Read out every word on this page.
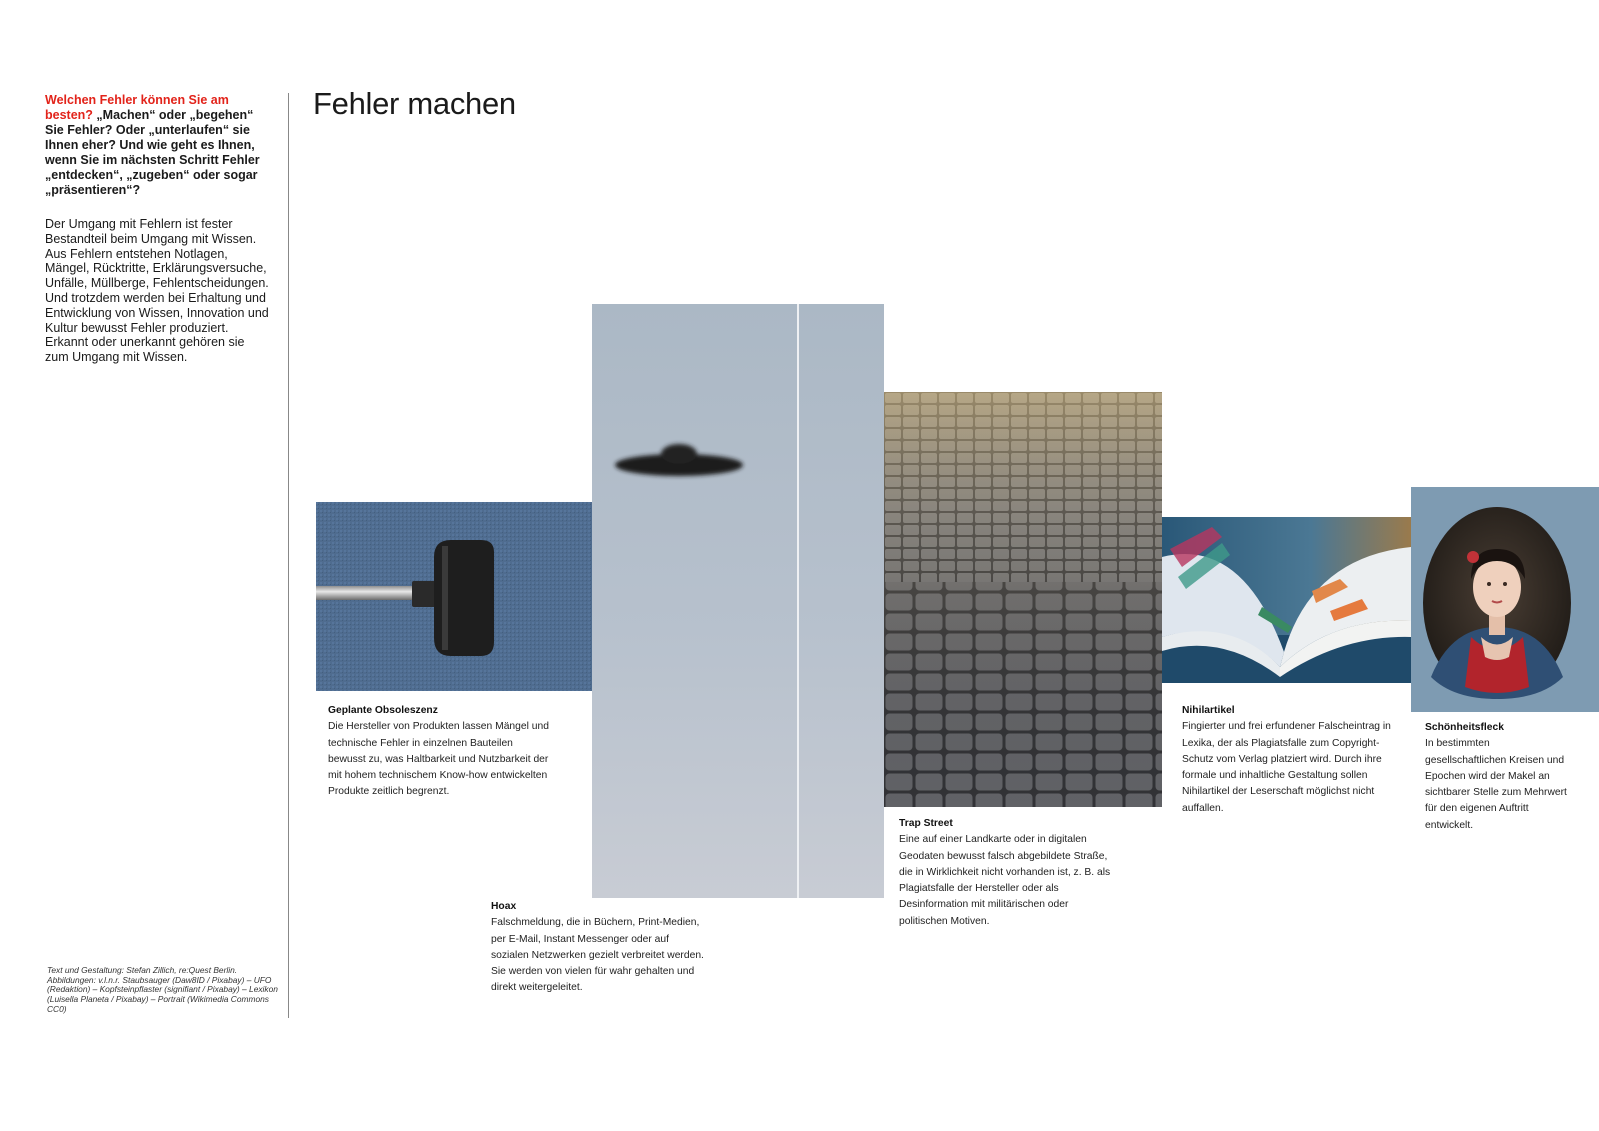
Welchen Fehler können Sie am besten? „Machen“ oder „begehen“ Sie Fehler? Oder „unterlaufen“ sie Ihnen eher? Und wie geht es Ihnen, wenn Sie im nächsten Schritt Fehler „entdecken“, „zugeben“ oder sogar „präsentieren“?

Der Umgang mit Fehlern ist fester Bestandteil beim Umgang mit Wissen. Aus Fehlern entstehen Notlagen, Mängel, Rücktritte, Erklärungsversuche, Unfälle, Müllberge, Fehlentscheidungen. Und trotzdem werden bei Erhaltung und Entwicklung von Wissen, Innovation und Kultur bewusst Fehler produziert. Erkannt oder unerkannt gehören sie zum Umgang mit Wissen.

Text und Gestaltung: Stefan Zillich, re:Quest Berlin. Abbildungen: v.l.n.r. Staubsauger (Daw8ID / Pixabay) – UFO (Redaktion) – Kopfsteinpflaster (signifiant / Pixabay) – Lexikon (Luisella Planeta / Pixabay) – Portrait (Wikimedia Commons CC0)
Fehler machen
Geplante Obsoleszenz

Die Hersteller von Produkten lassen Mängel und technische Fehler in einzelnen Bauteilen bewusst zu, was Haltbarkeit und Nutzbarkeit der mit hohem technischem Know-how entwickelten Produkte zeitlich begrenzt.

Hoax

Falschmeldung, die in Büchern, Print-Medien, per E-Mail, Instant Messenger oder auf sozialen Netzwerken gezielt verbreitet werden. Sie werden von vielen für wahr gehalten und direkt weitergeleitet.

Trap Street

Eine auf einer Landkarte oder in digitalen Geodaten bewusst falsch abgebildete Straße, die in Wirklichkeit nicht vorhanden ist, z. B. als Plagiatsfalle der Hersteller oder als Desinformation mit militärischen oder politischen Motiven.

Nihilartikel

Fingierter und frei erfundener Falscheintrag in Lexika, der als Plagiatsfalle zum Copyright-Schutz vom Verlag platziert wird. Durch ihre formale und inhaltliche Gestaltung sollen Nihilartikel der Leserschaft möglichst nicht auffallen.

Schönheitsfleck

In bestimmten gesellschaftlichen Kreisen und Epochen wird der Makel an sichtbarer Stelle zum Mehrwert für den eigenen Auftritt entwickelt.
